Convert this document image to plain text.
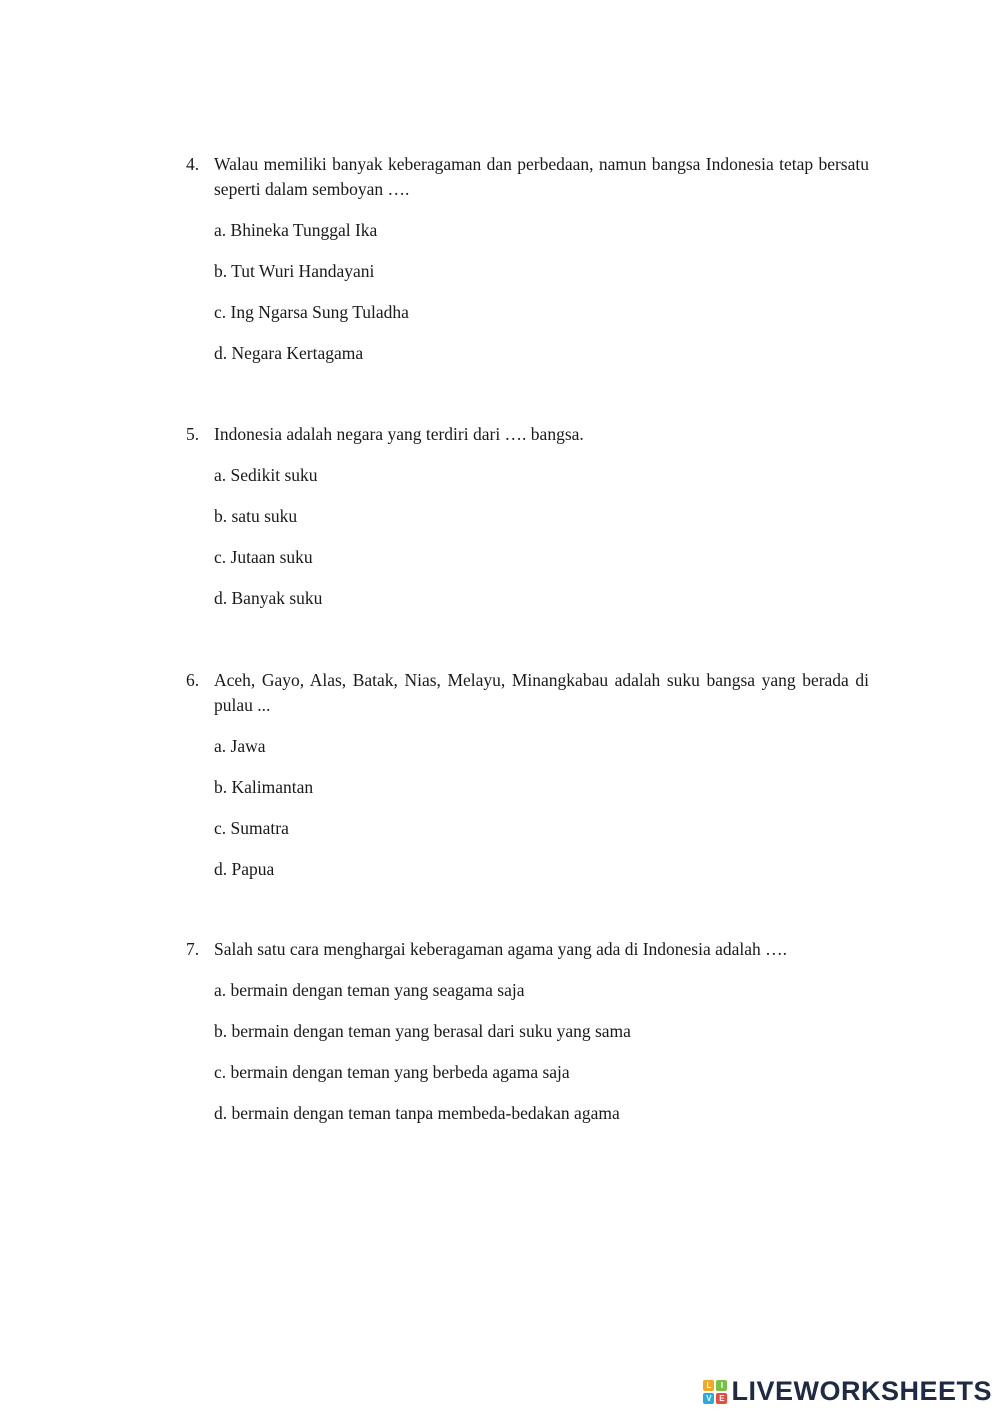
4. Walau memiliki banyak keberagaman dan perbedaan, namun bangsa Indonesia tetap bersatu seperti dalam semboyan ….
a. Bhineka Tunggal Ika
b. Tut Wuri Handayani
c. Ing Ngarsa Sung Tuladha
d. Negara Kertagama
5. Indonesia adalah negara yang terdiri dari …. bangsa.
a. Sedikit suku
b. satu suku
c. Jutaan suku
d. Banyak suku
6. Aceh, Gayo, Alas, Batak, Nias, Melayu, Minangkabau adalah suku bangsa yang berada di pulau ...
a. Jawa
b. Kalimantan
c. Sumatra
d. Papua
7. Salah satu cara menghargai keberagaman agama yang ada di Indonesia adalah ….
a. bermain dengan teman yang seagama saja
b. bermain dengan teman yang berasal dari suku yang sama
c. bermain dengan teman yang berbeda agama saja
d. bermain dengan teman tanpa membeda-bedakan agama
L	I
V E LIVEWORKSHEETS
